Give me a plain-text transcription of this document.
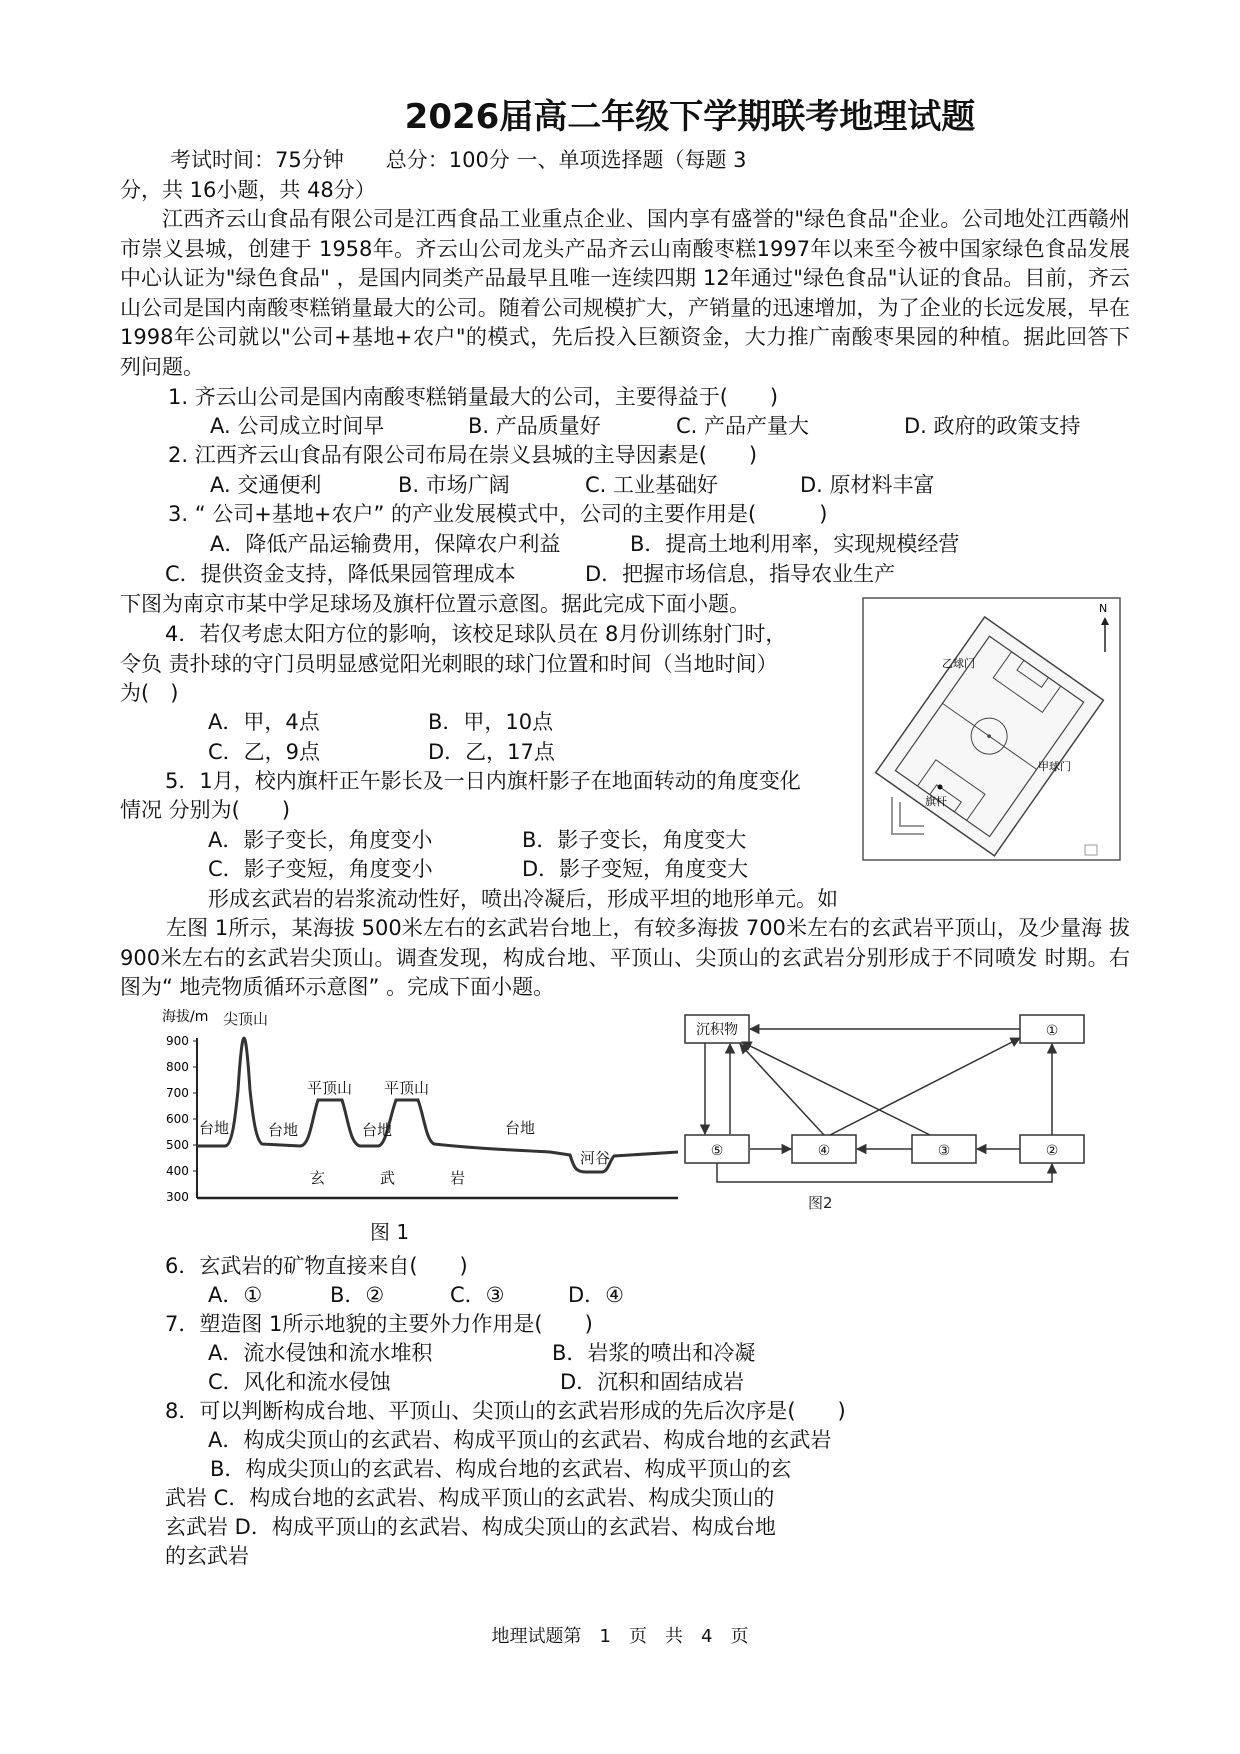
2026届高二年级下学期联考地理试题
考试时间：75分钟　　总分：100分 一、单项选择题（每题 3
分，共 16小题，共 48分）
江西齐云山食品有限公司是江西食品工业重点企业、国内享有盛誉的"绿色食品"企业。公司地处江西赣州市崇义县城，创建于 1958年。齐云山公司龙头产品齐云山南酸枣糕1997年以来至今被中国家绿色食品发展中心认证为"绿色食品" ，是国内同类产品最早且唯一连续四期 12年通过"绿色食品"认证的食品。目前，齐云山公司是国内南酸枣糕销量最大的公司。随着公司规模扩大，产销量的迅速增加，为了企业的长远发展，早在 1998年公司就以"公司+基地+农户"的模式，先后投入巨额资金，大力推广南酸枣果园的种植。据此回答下列问题。
1. 齐云山公司是国内南酸枣糕销量最大的公司，主要得益于(　　)
A. 公司成立时间早	B. 产品质量好	C. 产品产量大	D. 政府的政策支持
2. 江西齐云山食品有限公司布局在崇义县城的主导因素是(　　)
A. 交通便利	B. 市场广阔	C. 工业基础好	D. 原材料丰富
3. “ 公司+基地+农户” 的产业发展模式中，公司的主要作用是(　　　)
A．降低产品运输费用，保障农户利益	B．提高土地利用率，实现规模经营
C．提供资金支持，降低果园管理成本	D．把握市场信息，指导农业生产
下图为南京市某中学足球场及旗杆位置示意图。据此完成下面小题。
4．若仅考虑太阳方位的影响，该校足球队员在 8月份训练射门时，
令负 责扑球的守门员明显感觉阳光刺眼的球门位置和时间（当地时间）
为(　)
A．甲，4点	B．甲，10点
C．乙，9点	D．乙，17点
5．1月，校内旗杆正午影长及一日内旗杆影子在地面转动的角度变化
情况 分别为(　　)
A．影子变长，角度变小	B．影子变长，角度变大
C．影子变短，角度变小	D．影子变短，角度变大
N
乙球门
甲球门
旗杆
形成玄武岩的岩浆流动性好，喷出冷凝后，形成平坦的地形单元。如
左图 1所示，某海拔 500米左右的玄武岩台地上，有较多海拔 700米左右的玄武岩平顶山，及少量海 拔 900米左右的玄武岩尖顶山。调查发现，构成台地、平顶山、尖顶山的玄武岩分别形成于不同喷发 时期。右图为“ 地壳物质循环示意图” 。完成下面小题。
海拔/m
900
800
700
600
500
400
300
尖顶山
平顶山 平顶山
台地	台地	台地	台地
河谷
玄	武	岩
图 1
沉积物	①
⑤	④	③	②
图2
6．玄武岩的矿物直接来自(　　)
A．①	B．②	C．③	D．④
7．塑造图 1所示地貌的主要外力作用是(　　)
A．流水侵蚀和流水堆积	B．岩浆的喷出和冷凝
C．风化和流水侵蚀	D．沉积和固结成岩
8．可以判断构成台地、平顶山、尖顶山的玄武岩形成的先后次序是(　　)
A．构成尖顶山的玄武岩、构成平顶山的玄武岩、构成台地的玄武岩
B．构成尖顶山的玄武岩、构成台地的玄武岩、构成平顶山的玄
武岩 C．构成台地的玄武岩、构成平顶山的玄武岩、构成尖顶山的
玄武岩 D．构成平顶山的玄武岩、构成尖顶山的玄武岩、构成台地
的玄武岩
地理试题第　1　页　共　4　页
